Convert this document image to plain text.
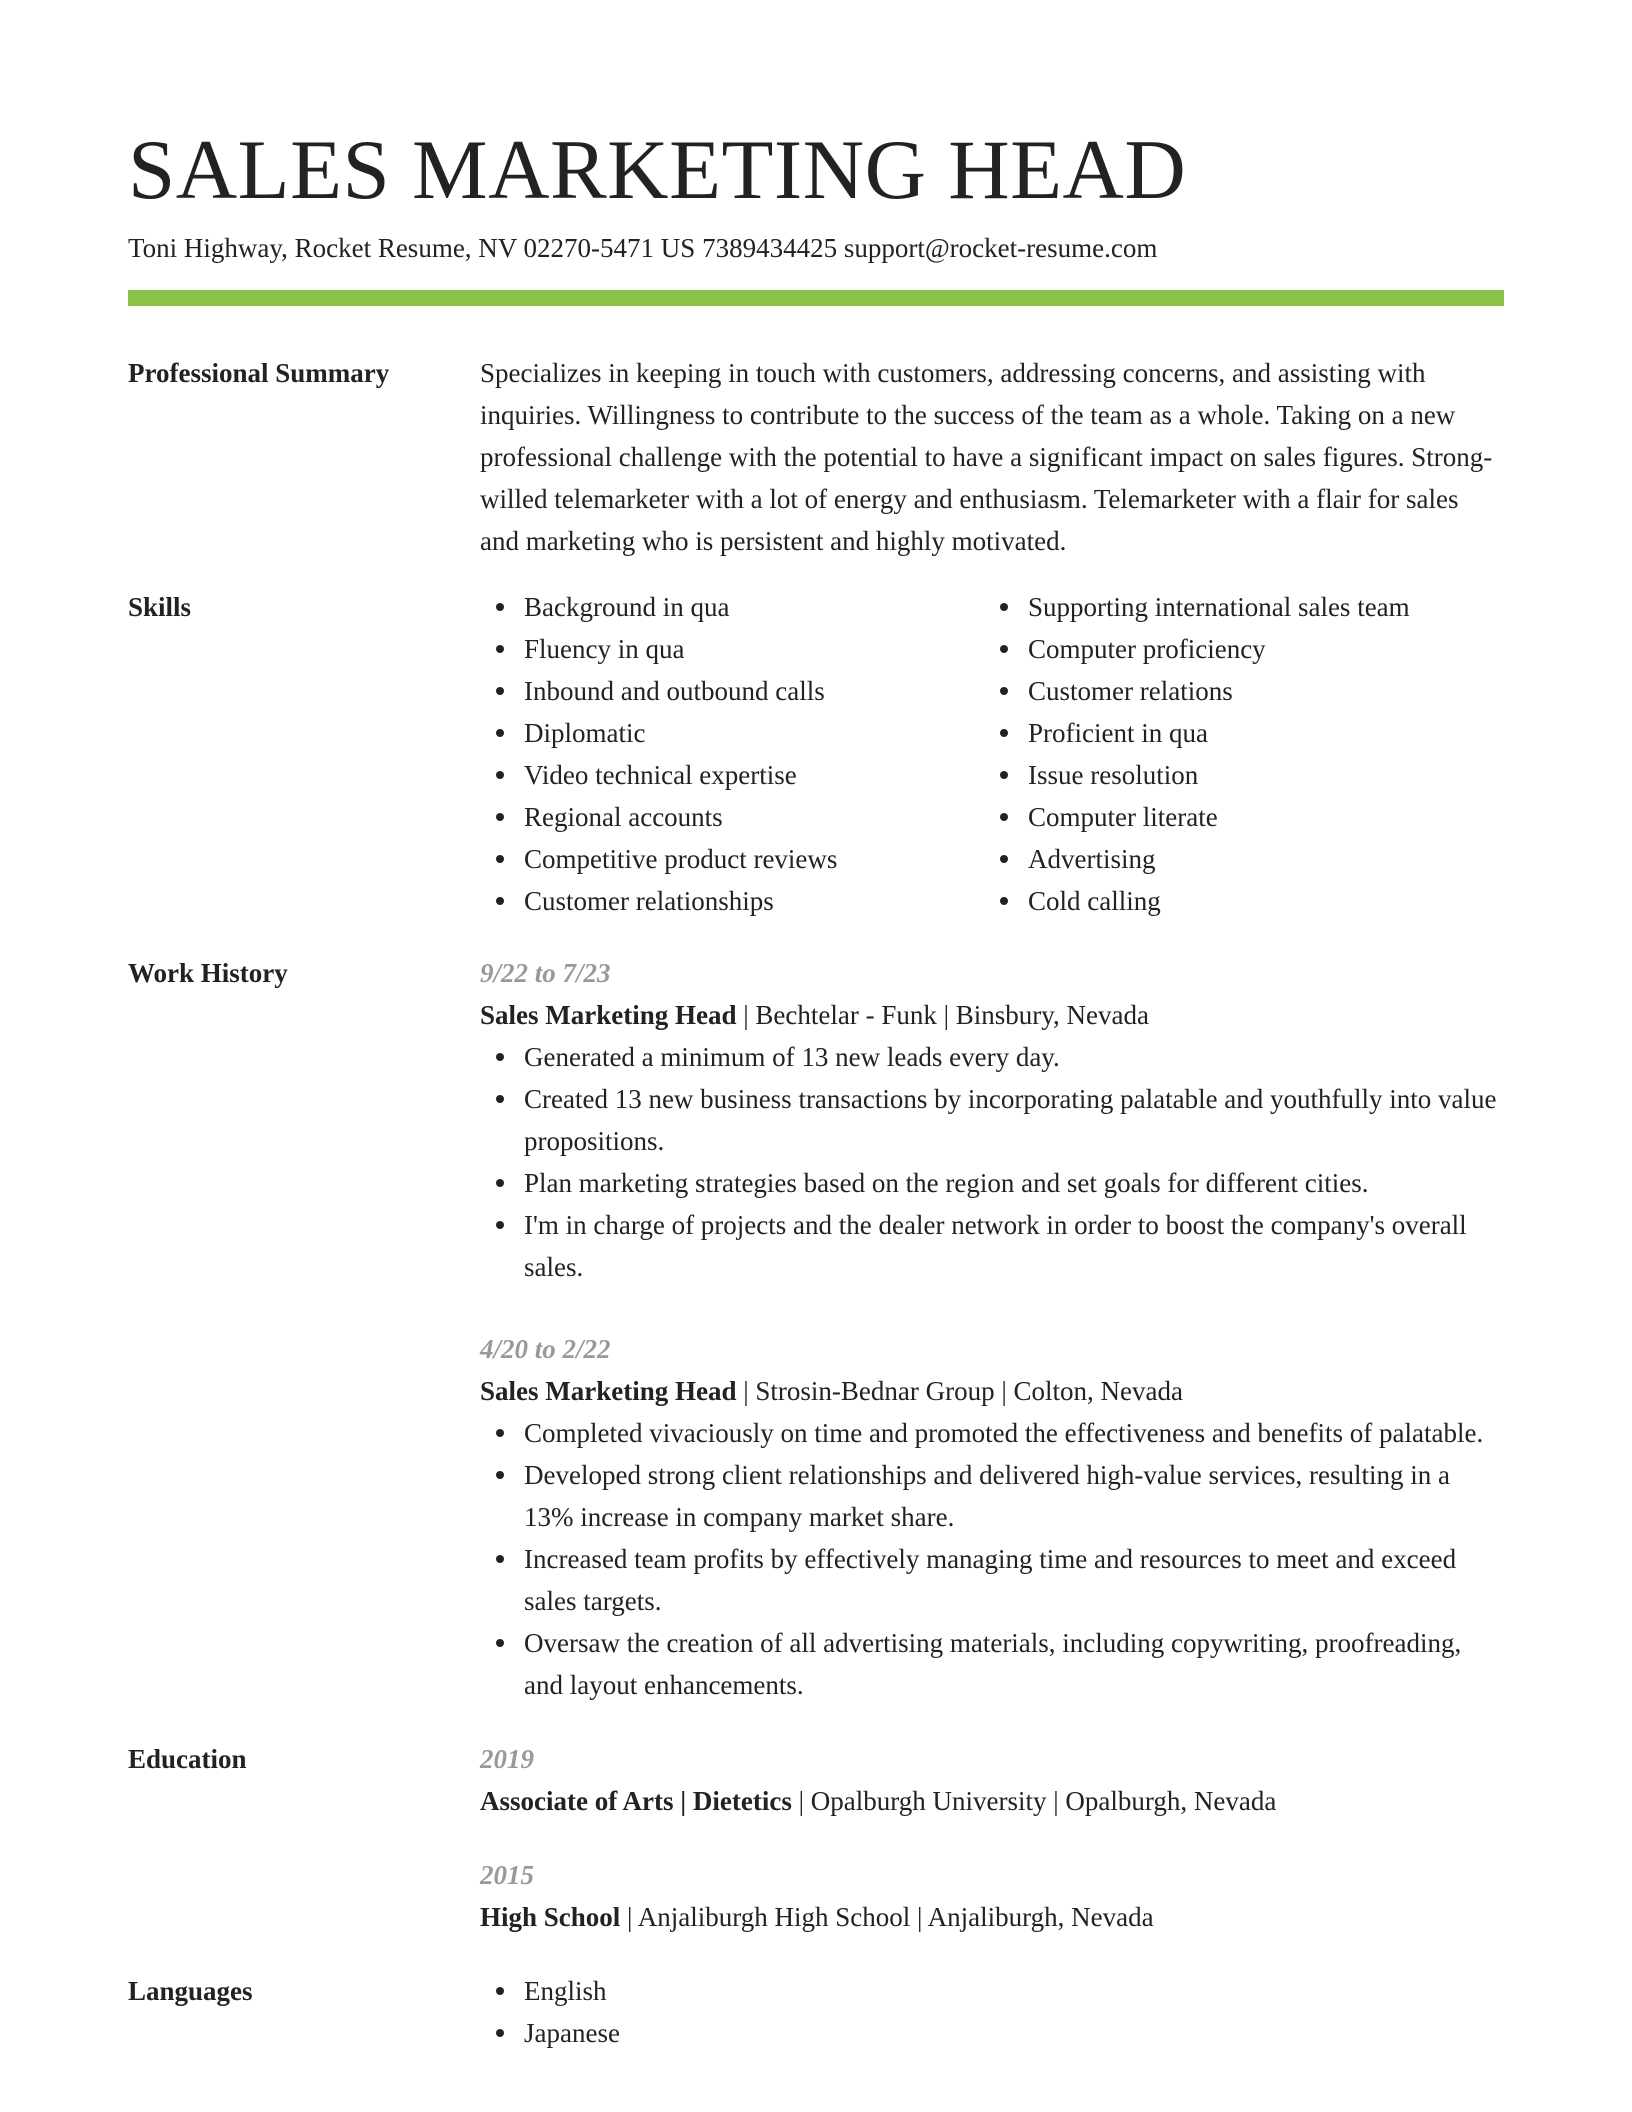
SALES MARKETING HEAD
Toni Highway, Rocket Resume, NV 02270-5471 US 7389434425 support@rocket-resume.com
Professional Summary	Specializes in keeping in touch with customers, addressing concerns, and assisting with inquiries. Willingness to contribute to the success of the team as a whole. Taking on a new professional challenge with the potential to have a significant impact on sales figures. Strong-willed telemarketer with a lot of energy and enthusiasm. Telemarketer with a flair for sales and marketing who is persistent and highly motivated.

Skills	Background in qua
Fluency in qua
Inbound and outbound calls
Diplomatic
Video technical expertise
Regional accounts
Competitive product reviews
Customer relationships
Supporting international sales team
Computer proficiency
Customer relations
Proficient in qua
Issue resolution
Computer literate
Advertising
Cold calling
Work History	9/22 to 7/23
Sales Marketing Head | Bechtelar - Funk | Binsbury, Nevada
Generated a minimum of 13 new leads every day.
Created 13 new business transactions by incorporating palatable and youthfully into value propositions.
Plan marketing strategies based on the region and set goals for different cities.
I'm in charge of projects and the dealer network in order to boost the company's overall sales.
4/20 to 2/22
Sales Marketing Head | Strosin-Bednar Group | Colton, Nevada
Completed vivaciously on time and promoted the effectiveness and benefits of palatable.
Developed strong client relationships and delivered high-value services, resulting in a 13% increase in company market share.
Increased team profits by effectively managing time and resources to meet and exceed sales targets.
Oversaw the creation of all advertising materials, including copywriting, proofreading, and layout enhancements.
Education	2019
Associate of Arts | Dietetics | Opalburgh University | Opalburgh, Nevada
2015
High School | Anjaliburgh High School | Anjaliburgh, Nevada
Languages	English
Japanese
